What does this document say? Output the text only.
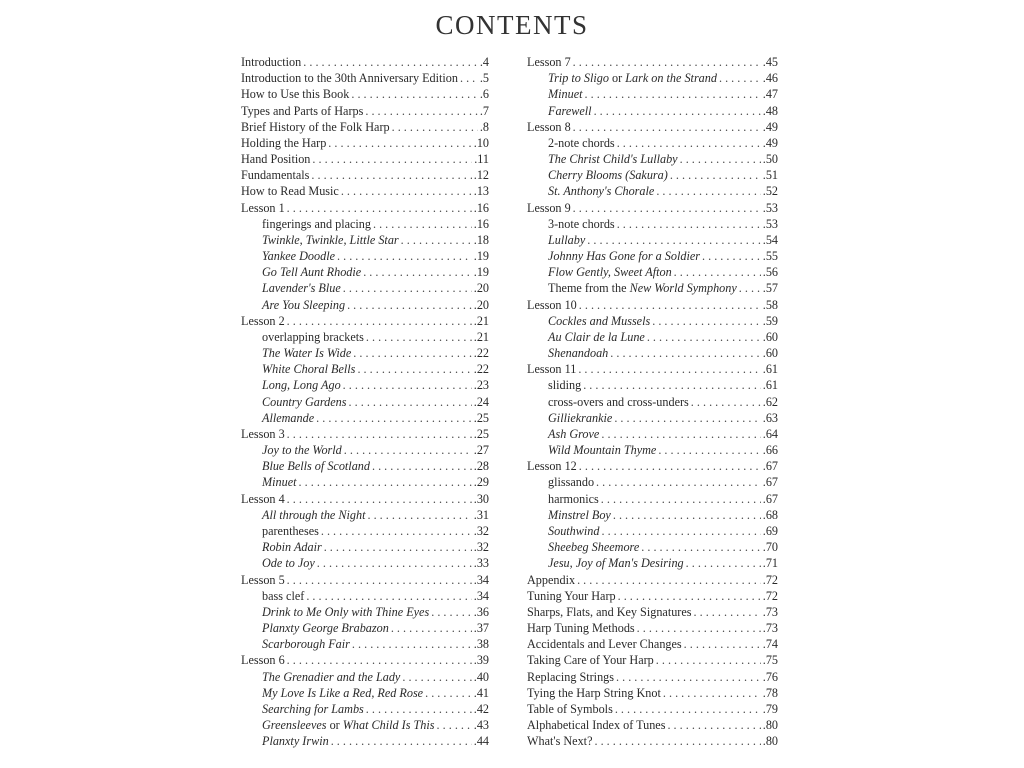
CONTENTS
Introduction . . .	.4
Introduction to the 30th Anniversary Edition . . . .5
How to Use this Book . . .	.6
Types and Parts of Harps . . .	.7
Brief History of the Folk Harp . . .	.8
Holding the Harp . . .	.10
Hand Position . . .	.11
Fundamentals . . .	.12
How to Read Music . . .	.13
Lesson 1 . . .	.16
fingerings and placing . . .	.16
Twinkle, Twinkle, Little Star . . .	.18
Yankee Doodle . . .	.19
Go Tell Aunt Rhodie . . .	.19
Lavender's Blue . . .	.20
Are You Sleeping . . .	.20
Lesson 2 . . .	.21
overlapping brackets . . .	.21
The Water Is Wide . . .	.22
White Choral Bells . . .	.22
Long, Long Ago . . .	.23
Country Gardens . . .	.24
Allemande . . .	.25
Lesson 3 . . .	.25
Joy to the World . . .	.27
Blue Bells of Scotland . . .	.28
Minuet . . .	.29
Lesson 4 . . .	.30
All through the Night . . .	.31
parentheses . . .	.32
Robin Adair . . .	.32
Ode to Joy . . .	.33
Lesson 5 . . .	.34
bass clef . . .	.34
Drink to Me Only with Thine Eyes . . .	.36
Planxty George Brabazon . . .	.37
Scarborough Fair . . .	.38
Lesson 6 . . .	.39
The Grenadier and the Lady . . .	.40
My Love Is Like a Red, Red Rose . . .	.41
Searching for Lambs . . .	.42
Greensleeves or What Child Is This . . .	.43
Planxty Irwin . . .	.44
Lesson 7 . . .	.45
Trip to Sligo or Lark on the Strand . . .	.46
Minuet . . .	.47
Farewell . . .	.48
Lesson 8 . . .	.49
2-note chords . . .	.49
The Christ Child's Lullaby . . .	.50
Cherry Blooms (Sakura) . . .	.51
St. Anthony's Chorale . . .	.52
Lesson 9 . . .	.53
3-note chords . . .	.53
Lullaby . . .	.54
Johnny Has Gone for a Soldier . . .	.55
Flow Gently, Sweet Afton . . .	.56
Theme from the New World Symphony . . . .57
Lesson 10 . . .	.58
Cockles and Mussels . . .	.59
Au Clair de la Lune . . .	.60
Shenandoah . . .	.60
Lesson 11 . . .	.61
sliding . . .	.61
cross-overs and cross-unders . . .	.62
Gilliekrankie . . .	.63
Ash Grove . . .	.64
Wild Mountain Thyme . . .	.66
Lesson 12 . . .	.67
glissando . . .	.67
harmonics . . .	.67
Minstrel Boy . . .	.68
Southwind . . .	.69
Sheebeg Sheemore . . .	.70
Jesu, Joy of Man's Desiring . . .	.71
Appendix . . .	.72
Tuning Your Harp . . .	.72
Sharps, Flats, and Key Signatures . . .	.73
Harp Tuning Methods . . .	.73
Accidentals and Lever Changes . . .	.74
Taking Care of Your Harp . . .	.75
Replacing Strings . . .	.76
Tying the Harp String Knot . . .	.78
Table of Symbols . . .	.79
Alphabetical Index of Tunes . . .	.80
What's Next? . . .	.80
